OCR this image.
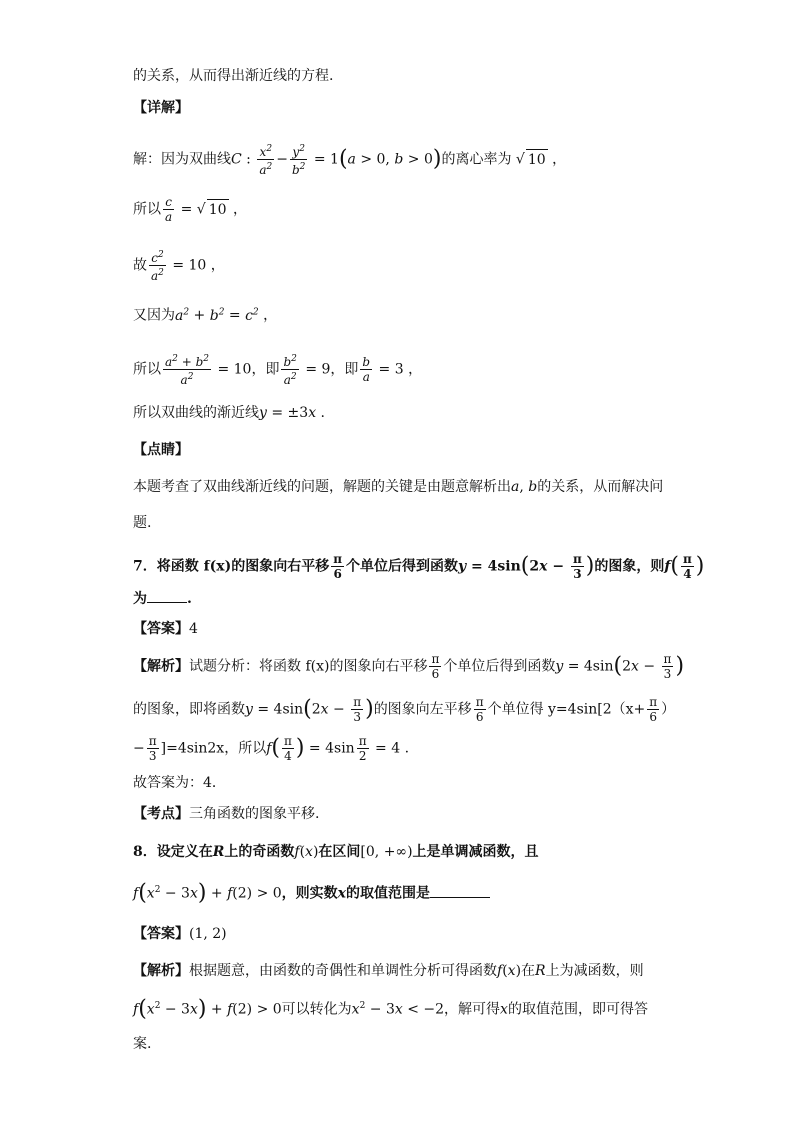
的关系，从而得出渐近线的方程.
【详解】
解：因为双曲线C : $\frac{x^2}{a^2} - \frac{y^2}{b^2} = 1(a > 0$, b > 0)的离心率为 √ 10 ，
所以 $\frac{c}{a}$ = √ 10 ，
故 $\frac{c^2}{a^2} = 10$ ，
又因为$a^2 + b^2 = c^2$ ，
所以 $\frac{a^2 + b^2}{a^2} = 10$，即 $\frac{b^2}{a^2} = 9$，即 $\frac{b}{a} = 3$ ，
所以双曲线的渐近线y = ±3x .
【点睛】
本题考查了双曲线渐近线的问题，解题的关键是由题意解析出a, b的关系，从而解决问
题.
7．将函数 f(x)的图象向右平移 $\frac{\pi}{6}$ 个单位后得到函数$y = 4\sin(2x - \frac{\pi}{3}$ )的图象，则$f( \frac{\pi}{4}$ )
为	.
【答案】4
【解析】试题分析：将函数 f(x)的图象向右平移 $\frac{\pi}{6}$ 个单位后得到函数$y = 4\sin(2x - \frac{\pi}{3}$ )
的图象，即将函数$y = 4\sin(2x - \frac{\pi}{3}$ )的图象向左平移 $\frac{\pi}{6}$ 个单位得 $y=4\sin[2(x+ \frac{\pi}{6}$ ）
− $\frac{\pi}{3} ]=4\sin 2x$，所以$f( \frac{\pi}{4}$ ) = $4\sin \frac{\pi}{2} = 4$ .
故答案为：4．
【考点】三角函数的图象平移.
8．设定义在R上的奇函数f(x)在区间[0, +∞)上是单调减函数，且
$f(x^2 - 3x) + f(2) > 0$，则实数x的取值范围是
【答案】(1, 2)
【解析】根据题意，由函数的奇偶性和单调性分析可得函数f(x)在R上为减函数，则
$f(x^2 - 3x) + f(2) > 0$可以转化为$x^2 - 3x < -2$，解可得x的取值范围，即可得答
案.
